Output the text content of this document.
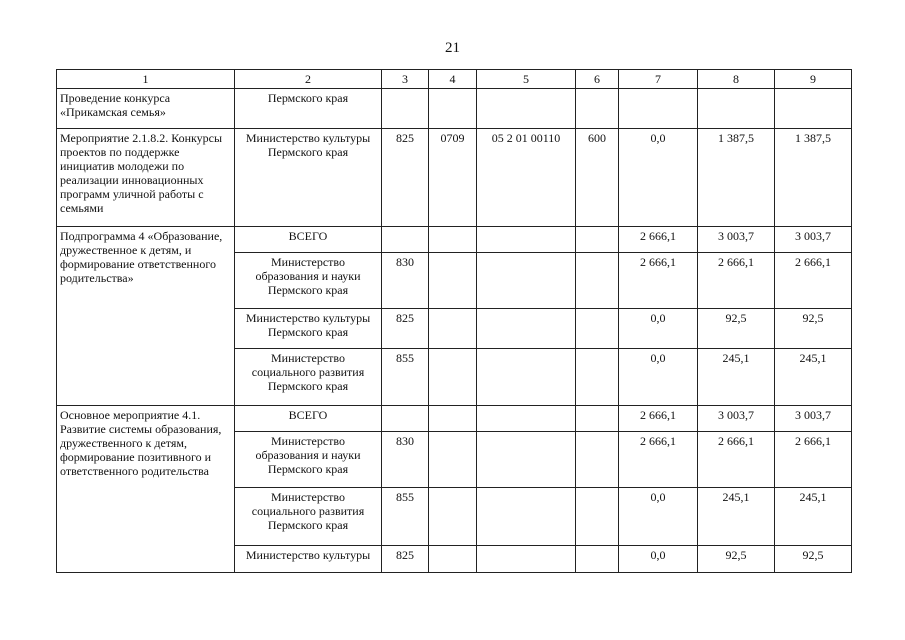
21
1	2	3	4	5	6	7	8	9
Проведение конкурса «Прикамская семья»	Пермского края							
Мероприятие 2.1.8.2. Конкурсы проектов по поддержке инициатив молодежи по реализации инновационных программ уличной работы с семьями	Министерство культуры Пермского края	825	0709	05 2 01 00110	600	0,0	1 387,5	1 387,5
Подпрограмма 4 «Образование, дружественное к детям, и формирование ответственного родительства»	ВСЕГО					2 666,1	3 003,7	3 003,7
	Министерство образования и науки Пермского края	830				2 666,1	2 666,1	2 666,1
	Министерство культуры Пермского края	825				0,0	92,5	92,5
	Министерство социального развития Пермского края	855				0,0	245,1	245,1
Основное мероприятие 4.1. Развитие системы образования, дружественного к детям, формирование позитивного и ответственного родительства	ВСЕГО					2 666,1	3 003,7	3 003,7
	Министерство образования и науки Пермского края	830				2 666,1	2 666,1	2 666,1
	Министерство социального развития Пермского края	855				0,0	245,1	245,1
	Министерство культуры	825				0,0	92,5	92,5
